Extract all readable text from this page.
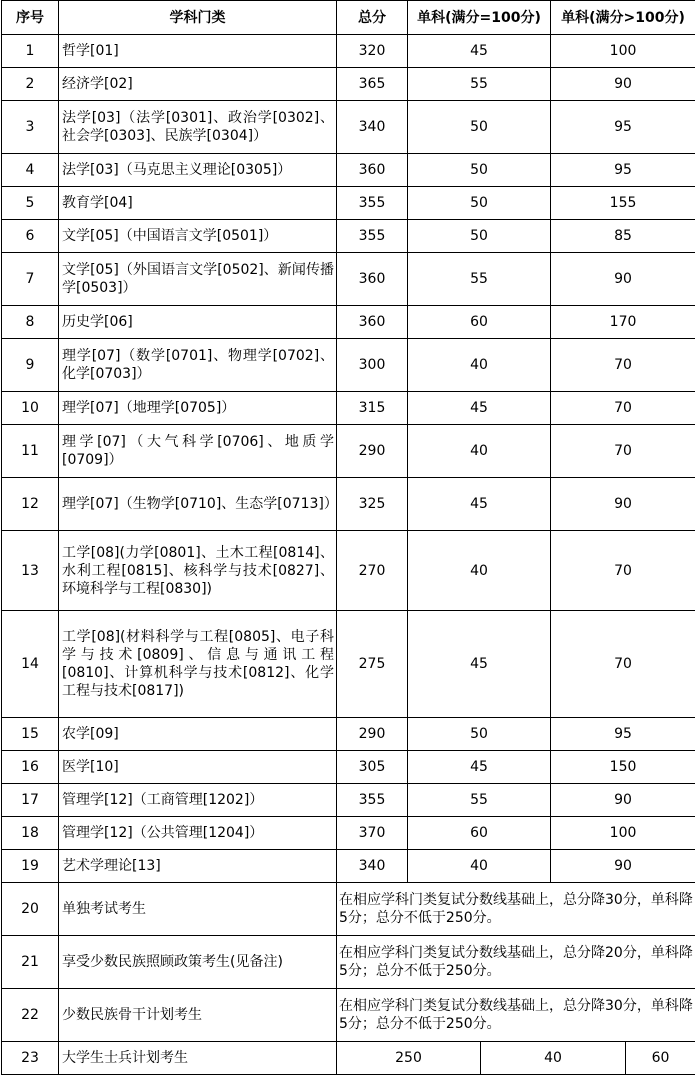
序号	学科门类	总分	单科(满分=100分)		单科(满分>100分)	
1	哲学[01]	320	45		100	
2	经济学[02]	365	55		90	
3	法学[03]（法学[0301]、政治学[0302]、社会学[0303]、民族学[0304]）	340	50		95	
4	法学[03]（马克思主义理论[0305]）	360	50		95	
5	教育学[04]	355	50		155	
6	文学[05]（中国语言文学[0501]）	355	50		85	
7	文学[05]（外国语言文学[0502]、新闻传播学[0503]）	360	55		90	
8	历史学[06]	360	60		170	
9	理学[07]（数学[0701]、物理学[0702]、化学[0703]）	300	40		70	
10	理学[07]（地理学[0705]）	315	45		70	
11	理学[07]（大气科学[0706]、地质学[0709]）	290	40		70	
12	理学[07]（生物学[0710]、生态学[0713]）	325	45		90	
13	工学[08](力学[0801]、土木工程[0814]、水利工程[0815]、核科学与技术[0827]、环境科学与工程[0830])	270	40		70	
14	工学[08](材料科学与工程[0805]、电子科学与技术[0809]、信息与通讯工程[0810]、计算机科学与技术[0812]、化学工程与技术[0817])	275	45		70	
15	农学[09]	290	50		95	
16	医学[10]	305	45		150	
17	管理学[12]（工商管理[1202]）	355	55		90	
18	管理学[12]（公共管理[1204]）	370	60		100	
19	艺术学理论[13]	340	40		90	
20	单独考试考生	在相应学科门类复试分数线基础上，总分降30分，单科降5分；总分不低于250分。				
21	享受少数民族照顾政策考生(见备注)	在相应学科门类复试分数线基础上，总分降20分，单科降5分；总分不低于250分。				
22	少数民族骨干计划考生	在相应学科门类复试分数线基础上，总分降30分，单科降5分；总分不低于250分。				
23	大学生士兵计划考生	250		40		60
